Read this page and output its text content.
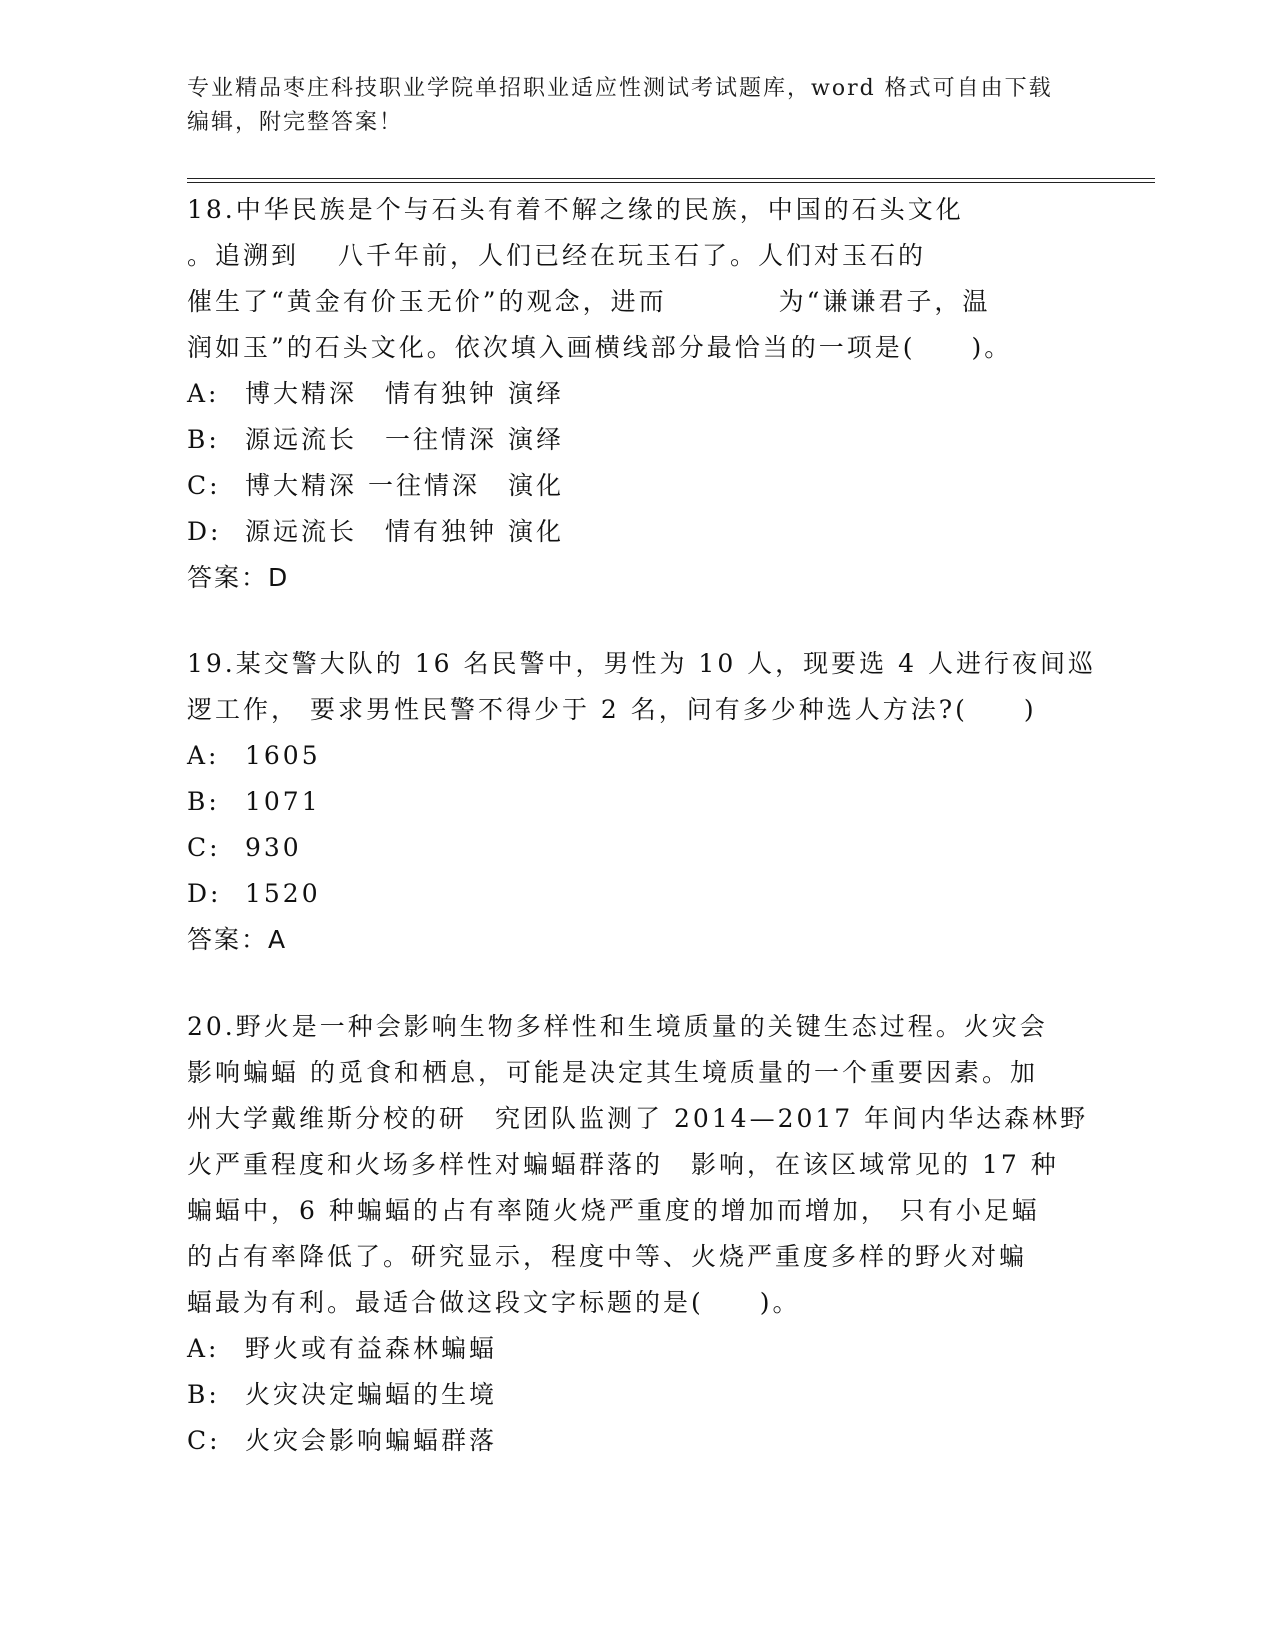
专业精品枣庄科技职业学院单招职业适应性测试考试题库，word 格式可自由下载
编辑，附完整答案！
18.中华民族是个与石头有着不解之缘的民族，中国的石头文化
。追溯到　 八千年前，人们已经在玩玉石了。人们对玉石的
催生了“黄金有价玉无价”的观念，进而　　　　为“谦谦君子，温
润如玉”的石头文化。依次填入画横线部分最恰当的一项是(　　)。
A: 博大精深　情有独钟 演绎
B: 源远流长　一往情深 演绎
C: 博大精深 一往情深　演化
D: 源远流长　情有独钟 演化
答案：D
19.某交警大队的 16 名民警中，男性为 10 人，现要选 4 人进行夜间巡
逻工作， 要求男性民警不得少于 2 名，问有多少种选人方法?(　　)
A: 1605
B: 1071
C: 930
D: 1520
答案：A
20.野火是一种会影响生物多样性和生境质量的关键生态过程。火灾会
影响蝙蝠 的觅食和栖息，可能是决定其生境质量的一个重要因素。加
州大学戴维斯分校的研　究团队监测了 2014—2017 年间内华达森林野
火严重程度和火场多样性对蝙蝠群落的　影响，在该区域常见的 17 种
蝙蝠中，6 种蝙蝠的占有率随火烧严重度的增加而增加， 只有小足蝠
的占有率降低了。研究显示，程度中等、火烧严重度多样的野火对蝙
蝠最为有利。最适合做这段文字标题的是(　　)。
A: 野火或有益森林蝙蝠
B: 火灾决定蝙蝠的生境
C: 火灾会影响蝙蝠群落
